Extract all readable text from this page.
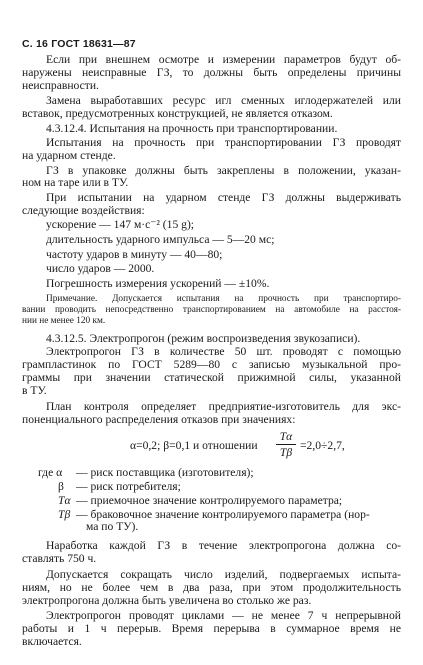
С. 16 ГОСТ 18631—87
Если при внешнем осмотре и измерении параметров будут об-
наружены неисправные ГЗ, то должны быть определены причины
неисправности.
Замена выработавших ресурс игл сменных иглодержателей или
вставок, предусмотренных конструкцией, не является отказом.
4.3.12.4. Испытания на прочность при транспортировании.
Испытания на прочность при транспортировании ГЗ проводят
на ударном стенде.
ГЗ в упаковке должны быть закреплены в положении, указан-
ном на таре или в ТУ.
При испытании на ударном стенде ГЗ должны выдерживать
следующие воздействия:
ускорение — 147 м·с⁻² (15 g);
длительность ударного импульса — 5—20 мс;
частоту ударов в минуту — 40—80;
число ударов — 2000.
Погрешность измерения ускорений — ±10%.
Примечание. Допускается испытания на прочность при транспортиро-
вании проводить непосредственно транспортированием на автомобиле на расстоя-
нии не менее 120 км.
4.3.12.5. Электропрогон (режим воспроизведения звукозаписи).
Электропрогон ГЗ в количестве 50 шт. проводят с помощью
грампластинок по ГОСТ 5289—80 с записью музыкальной про-
граммы при значении статической прижимной силы, указанной
в ТУ.
План контроля определяет предприятие-изготовитель для экс-
поненциального распределения отказов при значениях:
α=0,2; β=0,1 и отношении
Tα
Tβ
=2,0÷2,7,
где α	— риск поставщика (изготовителя);
β	— риск потребителя;
Tα — приемочное значение контролируемого параметра;
Tβ — браковочное значение контролируемого параметра (нор-
ма по ТУ).
Наработка каждой ГЗ в течение электропрогона должна со-
ставлять 750 ч.
Допускается сокращать число изделий, подвергаемых испыта-
ниям, но не более чем в два раза, при этом продолжительность
электропрогона должна быть увеличена во столько же раз.
Электропрогон проводят циклами — не менее 7 ч непрерывной
работы и 1 ч перерыв. Время перерыва в суммарное время не
включается.
